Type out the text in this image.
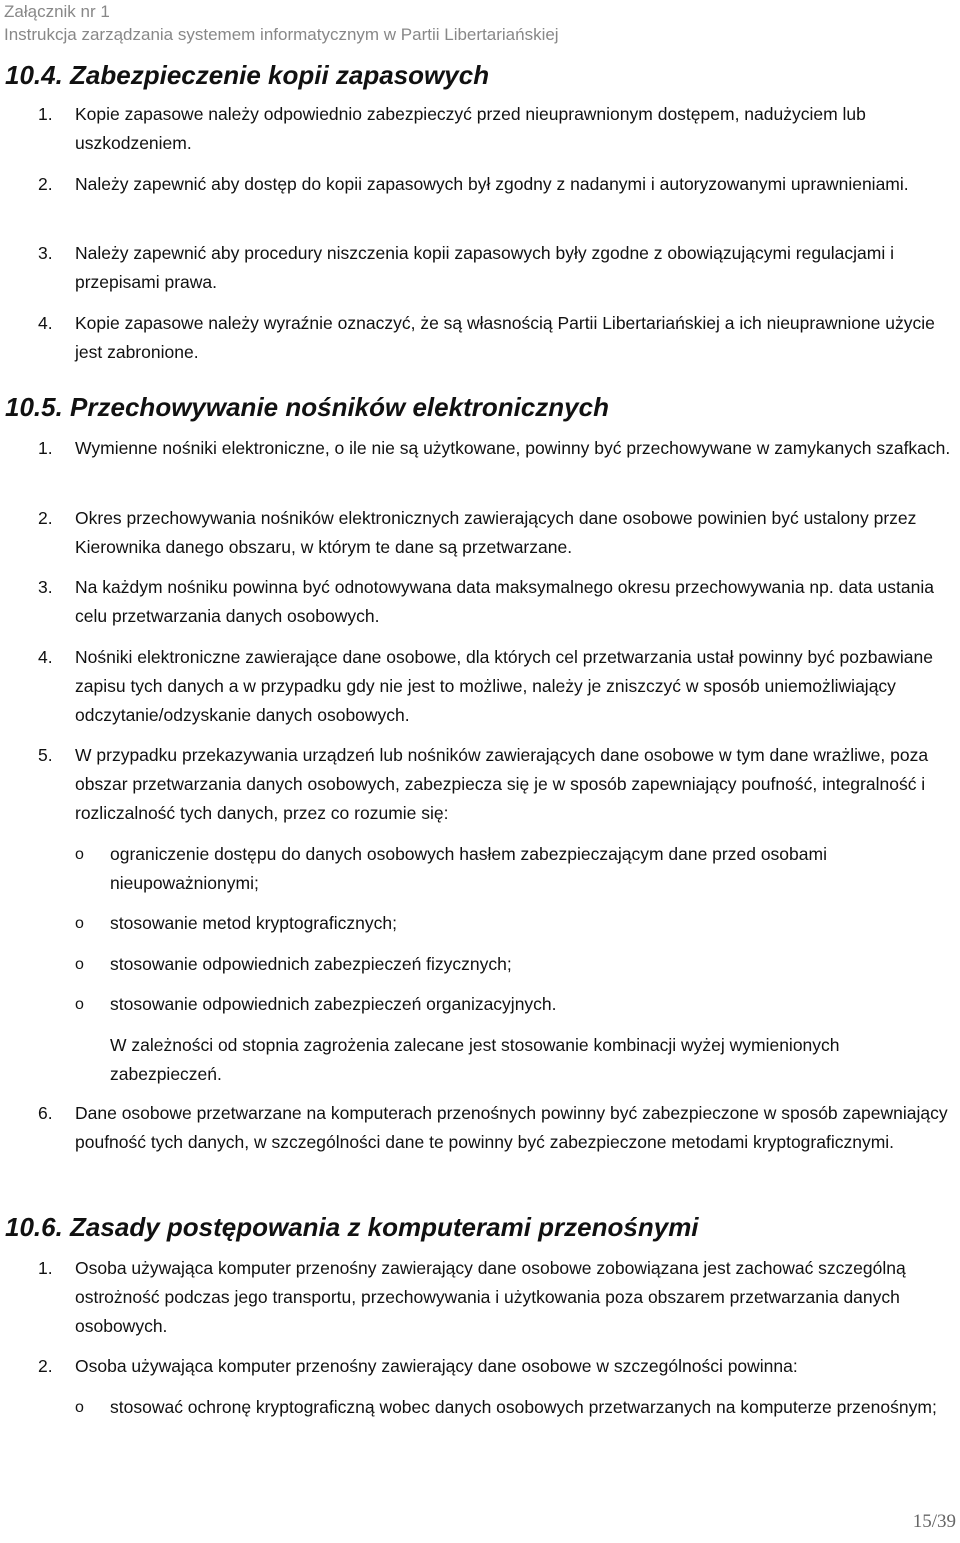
Załącznik nr 1
Instrukcja zarządzania systemem informatycznym w Partii Libertariańskiej
10.4. Zabezpieczenie kopii zapasowych
1. Kopie zapasowe należy odpowiednio zabezpieczyć przed nieuprawnionym dostępem, nadużyciem lub uszkodzeniem.
2. Należy zapewnić aby dostęp do kopii zapasowych był zgodny z nadanymi i autoryzowanymi uprawnieniami.
3. Należy zapewnić aby procedury niszczenia kopii zapasowych były zgodne z obowiązującymi regulacjami i przepisami prawa.
4. Kopie zapasowe należy wyraźnie oznaczyć, że są własnością Partii Libertariańskiej a ich nieuprawnione użycie jest zabronione.
10.5. Przechowywanie nośników elektronicznych
1. Wymienne nośniki elektroniczne, o ile nie są użytkowane, powinny być przechowywane w zamykanych szafkach.
2. Okres przechowywania nośników elektronicznych zawierających dane osobowe powinien być ustalony przez Kierownika danego obszaru, w którym te dane są przetwarzane.
3. Na każdym nośniku powinna być odnotowywana data maksymalnego okresu przechowywania np. data ustania celu przetwarzania danych osobowych.
4. Nośniki elektroniczne zawierające dane osobowe, dla których cel przetwarzania ustał powinny być pozbawiane zapisu tych danych a w przypadku gdy nie jest to możliwe, należy je zniszczyć w sposób uniemożliwiający odczytanie/odzyskanie danych osobowych.
5. W przypadku przekazywania urządzeń lub nośników zawierających dane osobowe w tym dane wrażliwe, poza obszar przetwarzania danych osobowych, zabezpiecza się je w sposób zapewniający poufność, integralność i rozliczalność tych danych, przez co rozumie się:
o ograniczenie dostępu do danych osobowych hasłem zabezpieczającym dane przed osobami nieupoważnionymi;
o stosowanie metod kryptograficznych;
o stosowanie odpowiednich zabezpieczeń fizycznych;
o stosowanie odpowiednich zabezpieczeń organizacyjnych.
W zależności od stopnia zagrożenia zalecane jest stosowanie kombinacji wyżej wymienionych zabezpieczeń.
6. Dane osobowe przetwarzane na komputerach przenośnych powinny być zabezpieczone w sposób zapewniający poufność tych danych, w szczególności dane te powinny być zabezpieczone metodami kryptograficznymi.
10.6. Zasady postępowania z komputerami przenośnymi
1. Osoba używająca komputer przenośny zawierający dane osobowe zobowiązana jest zachować szczególną ostrożność podczas jego transportu, przechowywania i użytkowania poza obszarem przetwarzania danych osobowych.
2. Osoba używająca komputer przenośny zawierający dane osobowe w szczególności powinna:
o stosować ochronę kryptograficzną wobec danych osobowych przetwarzanych na komputerze przenośnym;
15/39
